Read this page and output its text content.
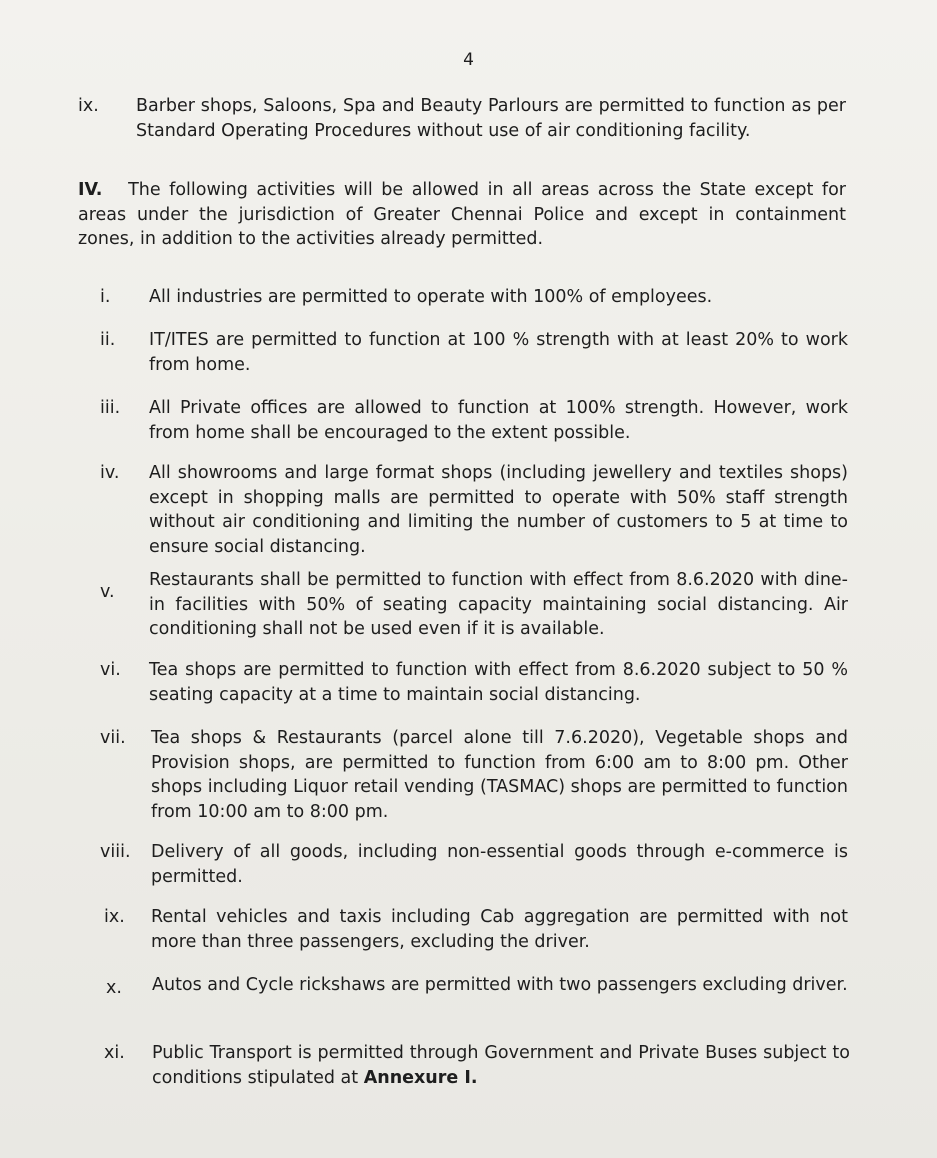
4
ix. Barber shops, Saloons, Spa and Beauty Parlours are permitted to function as per Standard Operating Procedures without use of air conditioning facility.
IV. The following activities will be allowed in all areas across the State except for areas under the jurisdiction of Greater Chennai Police and except in containment zones, in addition to the activities already permitted.
i. All industries are permitted to operate with 100% of employees.
ii. IT/ITES are permitted to function at 100 % strength with at least 20% to work from home.
iii. All Private offices are allowed to function at 100% strength. However, work from home shall be encouraged to the extent possible.
iv. All showrooms and large format shops (including jewellery and textiles shops) except in shopping malls are permitted to operate with 50% staff strength without air conditioning and limiting the number of customers to 5 at time to ensure social distancing.
v.
Restaurants shall be permitted to function with effect from 8.6.2020 with dine-in facilities with 50% of seating capacity maintaining social distancing. Air conditioning shall not be used even if it is available.
vi. Tea shops are permitted to function with effect from 8.6.2020 subject to 50 % seating capacity at a time to maintain social distancing.
vii. Tea shops & Restaurants (parcel alone till 7.6.2020), Vegetable shops and Provision shops, are permitted to function from 6:00 am to 8:00 pm. Other shops including Liquor retail vending (TASMAC) shops are permitted to function from 10:00 am to 8:00 pm.
viii. Delivery of all goods, including non-essential goods through e-commerce is permitted.
ix. Rental vehicles and taxis including Cab aggregation are permitted with not more than three passengers, excluding the driver.
x. Autos and Cycle rickshaws are permitted with two passengers excluding driver.
xi. Public Transport is permitted through Government and Private Buses subject to conditions stipulated at Annexure I.
